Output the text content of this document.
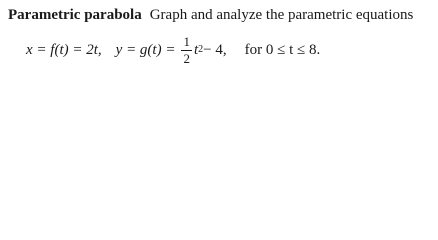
Parametric parabola Graph and analyze the parametric equations
x = f(t) = 2t, $y = g(t) = \frac{1}{2}$ t 2 − 4, for 0 ≤ t ≤ 8.
